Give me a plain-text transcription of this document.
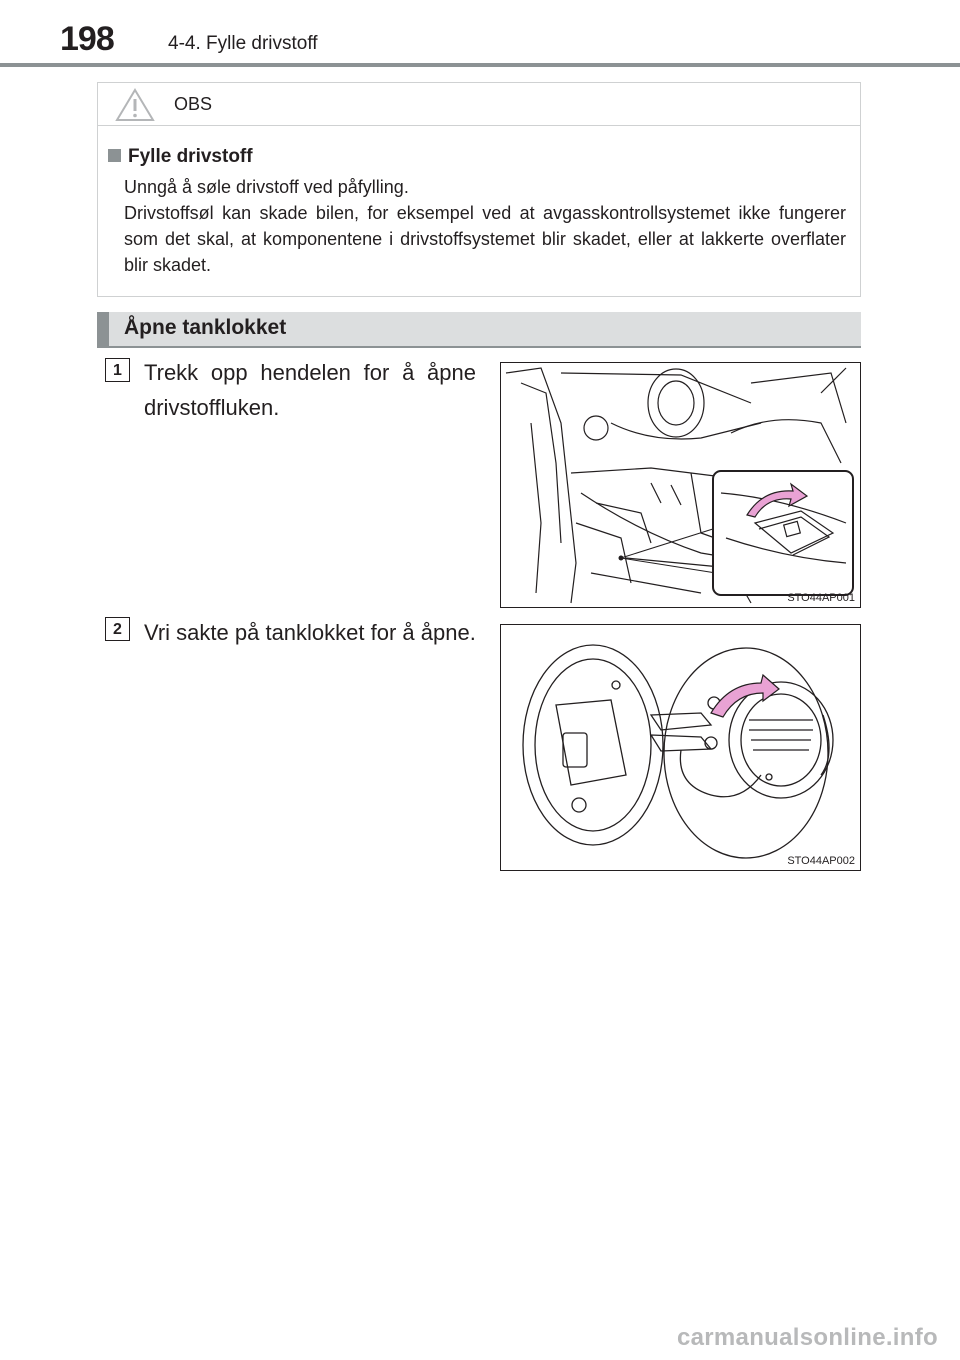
198	4-4. Fylle drivstoff
OBS
Fylle drivstoff

Unngå å søle drivstoff ved påfylling.

Drivstoffsøl kan skade bilen, for eksempel ved at avgasskontrollsystemet ikke fungerer som det skal, at komponentene i drivstoffsystemet blir skadet, eller at lakkerte overflater blir skadet.

Åpne tanklokket
1	Trekk opp hendelen for å åpne drivstoffluken.
STO44AP001
2	Vri sakte på tanklokket for å åpne.
STO44AP002
carmanualsonline.info
